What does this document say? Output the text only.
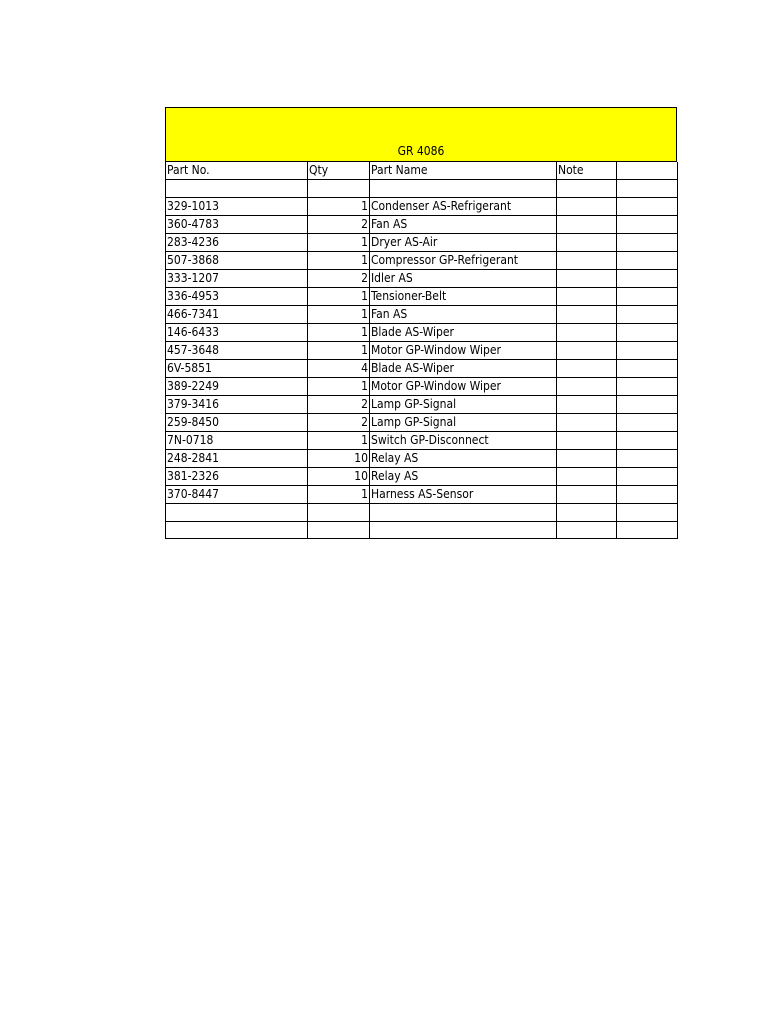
GR 4086
Part No.	Qty	Part Name	Note	

329-1013	1	Condenser AS-Refrigerant		
360-4783	2	Fan AS		
283-4236	1	Dryer AS-Air		
507-3868	1	Compressor GP-Refrigerant		
333-1207	2	Idler AS		
336-4953	1	Tensioner-Belt		
466-7341	1	Fan AS		
146-6433	1	Blade AS-Wiper		
457-3648	1	Motor GP-Window Wiper		
6V-5851	4	Blade AS-Wiper		
389-2249	1	Motor GP-Window Wiper		
379-3416	2	Lamp GP-Signal		
259-8450	2	Lamp GP-Signal		
7N-0718	1	Switch GP-Disconnect		
248-2841	10	Relay AS		
381-2326	10	Relay AS		
370-8447	1	Harness AS-Sensor		
